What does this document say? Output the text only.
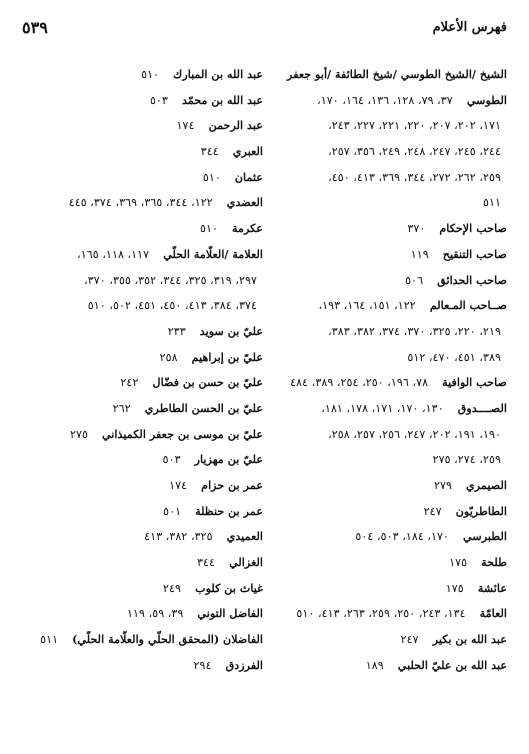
فهرس الأعلام
٥٣٩
الشيخ /الشيخ الطوسي /شيخ الطائفة /أبو جعفر
الطوسي٣٧، ٧٩، ١٢٨، ١٣٦، ١٦٤، ١٧٠،
١٧١، ٢٠٢، ٢٠٧، ٢٢٠، ٢٢١، ٢٢٧، ٢٤٣،
٢٤٤، ٢٤٥، ٢٤٧، ٢٤٨، ٢٤٩، ٣٥٦، ٢٥٧،
٢٥٩، ٢٦٢، ٢٧٢، ٣٤٤، ٣٦٩، ٤١٣، ٤٥٠،
٥١١
صاحب الإحكام٣٧٠
صاحب التنقيح١١٩
صاحب الحدائق٥٠٦
صــاحب المـعالم١٢٢، ١٥١، ١٦٤، ١٩٣،
٢١٩، ٢٢٠، ٣٢٥، ٣٧٠، ٣٧٤، ٣٨٢، ٣٨٣،
٣٨٩، ٤٥١، ٤٧٠، ٥١٢
صاحب الوافية٧٨، ١٩٦، ٢٥٠، ٢٥٤، ٣٨٩، ٤٨٤
الصــــدوق١٣٠، ١٧٠، ١٧١، ١٧٨، ١٨١،
١٩٠، ١٩١، ٢٠٢، ٢٤٧، ٢٥٦، ٢٥٧، ٢٥٨،
٢٥٩، ٢٧٤، ٢٧٥
الصيمري٢٧٩
الطاطريّون٢٤٧
الطبرسي١٧٠، ١٨٤، ٥٠٣، ٥٠٤
طلحة١٧٥
عائشة١٧٥
العامّة١٣٤، ٢٤٣، ٢٥٠، ٢٥٩، ٢٦٣، ٤١٣، ٥١٠
عبد الله بن بكير٢٤٧
عبد الله بن عليّ الحلبي١٨٩
عبد الله بن المبارك٥١٠
عبد الله بن محمّد٥٠٣
عبد الرحمن١٧٤
العبري٣٤٤
عثمان٥١٠
العضدي١٢٢، ٣٤٤، ٣٦٥، ٣٦٩، ٣٧٤، ٤٤٥
عكرمة٥١٠
العلامة /العلّامة الحلّي١١٧، ١١٨، ١٦٥،
٢٩٧، ٣١٩، ٣٢٥، ٣٤٤، ٣٥٢، ٣٥٥، ٣٧٠،
٣٧٤، ٣٨٤، ٤١٣، ٤٥٠، ٤٥١، ٥٠٢، ٥١٠
عليّ بن سويد٢٣٣
عليّ بن إبراهيم٢٥٨
عليّ بن حسن بن فضّال٢٤٢
عليّ بن الحسن الطاطري٢٦٢
عليّ بن موسى بن جعفر الكميذاني٢٧٥
عليّ بن مهزيار٥٠٣
عمر بن حزام١٧٤
عمر بن حنظلة٥٠١
العميدي٣٢٥، ٣٨٢، ٤١٣
الغزالي٣٤٤
غياث بن كلوب٢٤٩
الفاضل التوني٣٩، ٥٩، ١١٩
الفاضلان (المحقق الحلّي والعلّامة الحلّي)٥١١
الفرزدق٢٩٤
